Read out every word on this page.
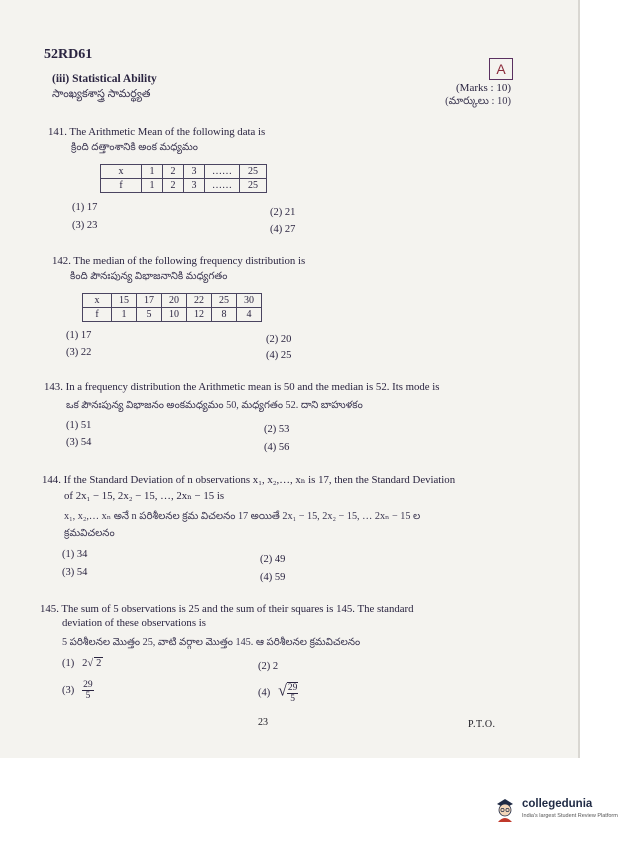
52RD61
(iii) Statistical Ability
సాంఖ్యకశాస్త్ర సామర్థ్యత
A
(Marks : 10)
(మార్కులు : 10)
141. The Arithmetic Mean of the following data is
క్రింది దత్తాంశానికి అంక మధ్యమం
x	1	2	3	……	25
f	1	2	3	……	25
(1) 17	(2) 21
(3) 23	(4) 27
142. The median of the following frequency distribution is
కింది పౌనఃపున్య విభాజనానికి మధ్యగతం
x	15	17	20	22	25	30
f	1	5	10	12	8	4
(1) 17	(2) 20
(3) 22	(4) 25
143. In a frequency distribution the Arithmetic mean is 50 and the median is 52. Its mode is
ఒక పౌనఃపున్య విభాజనం అంకమధ్యమం 50, మధ్యగతం 52. దాని బాహుళకం
(1) 51	(2) 53
(3) 54	(4) 56
144. If the Standard Deviation of n observations x₁, x₂,…, xₙ is 17, then the Standard Deviation
of 2x₁ − 15, 2x₂ − 15, …, 2xₙ − 15 is
x₁, x₂,… xₙ అనే n పరిశీలనల క్రమ విచలనం 17 అయితే 2x₁ − 15, 2x₂ − 15, … 2xₙ − 15 ల
క్రమవిచలనం
(1) 34	(2) 49
(3) 54	(4) 59
145. The sum of 5 observations is 25 and the sum of their squares is 145. The standard
deviation of these observations is
5 పరిశీలనల మొత్తం 25, వాటి వర్గాల మొత్తం 145. ఆ పరిశీలనల క్రమవిచలనం
(1) 2√ 2	(2) 2
$(3) \frac{29}{5}$	(4) √ $\frac{29}{5}$
23	P.T.O.
collegedunia
India's largest Student Review Platform
